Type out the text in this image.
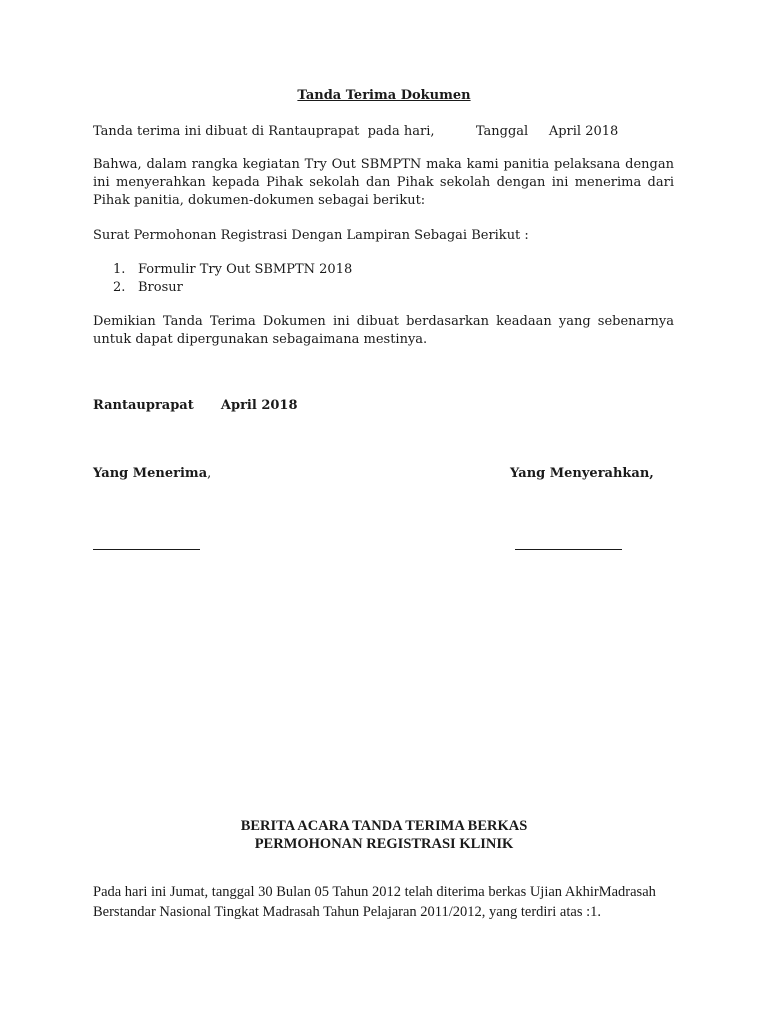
Tanda Terima Dokumen

Tanda terima ini dibuat di Rantauprapat  pada hari,          Tanggal     April 2018

Bahwa, dalam rangka kegiatan Try Out SBMPTN maka kami panitia pelaksana dengan ini menyerahkan kepada Pihak sekolah dan Pihak sekolah dengan ini menerima dari Pihak panitia, dokumen-dokumen sebagai berikut:

Surat Permohonan Registrasi Dengan Lampiran Sebagai Berikut :

1. Formulir Try Out SBMPTN 2018
2. Brosur

Demikian Tanda Terima Dokumen ini dibuat berdasarkan keadaan yang sebenarnya untuk dapat dipergunakan sebagaimana mestinya.

Rantauprapat      April 2018

Yang Menerima,	Yang Menyerahkan,

BERITA ACARA TANDA TERIMA BERKAS
PERMOHONAN REGISTRASI KLINIK

Pada hari ini Jumat, tanggal 30 Bulan 05 Tahun 2012 telah diterima berkas Ujian AkhirMadrasah Berstandar Nasional Tingkat Madrasah Tahun Pelajaran 2011/2012, yang terdiri atas :1.
